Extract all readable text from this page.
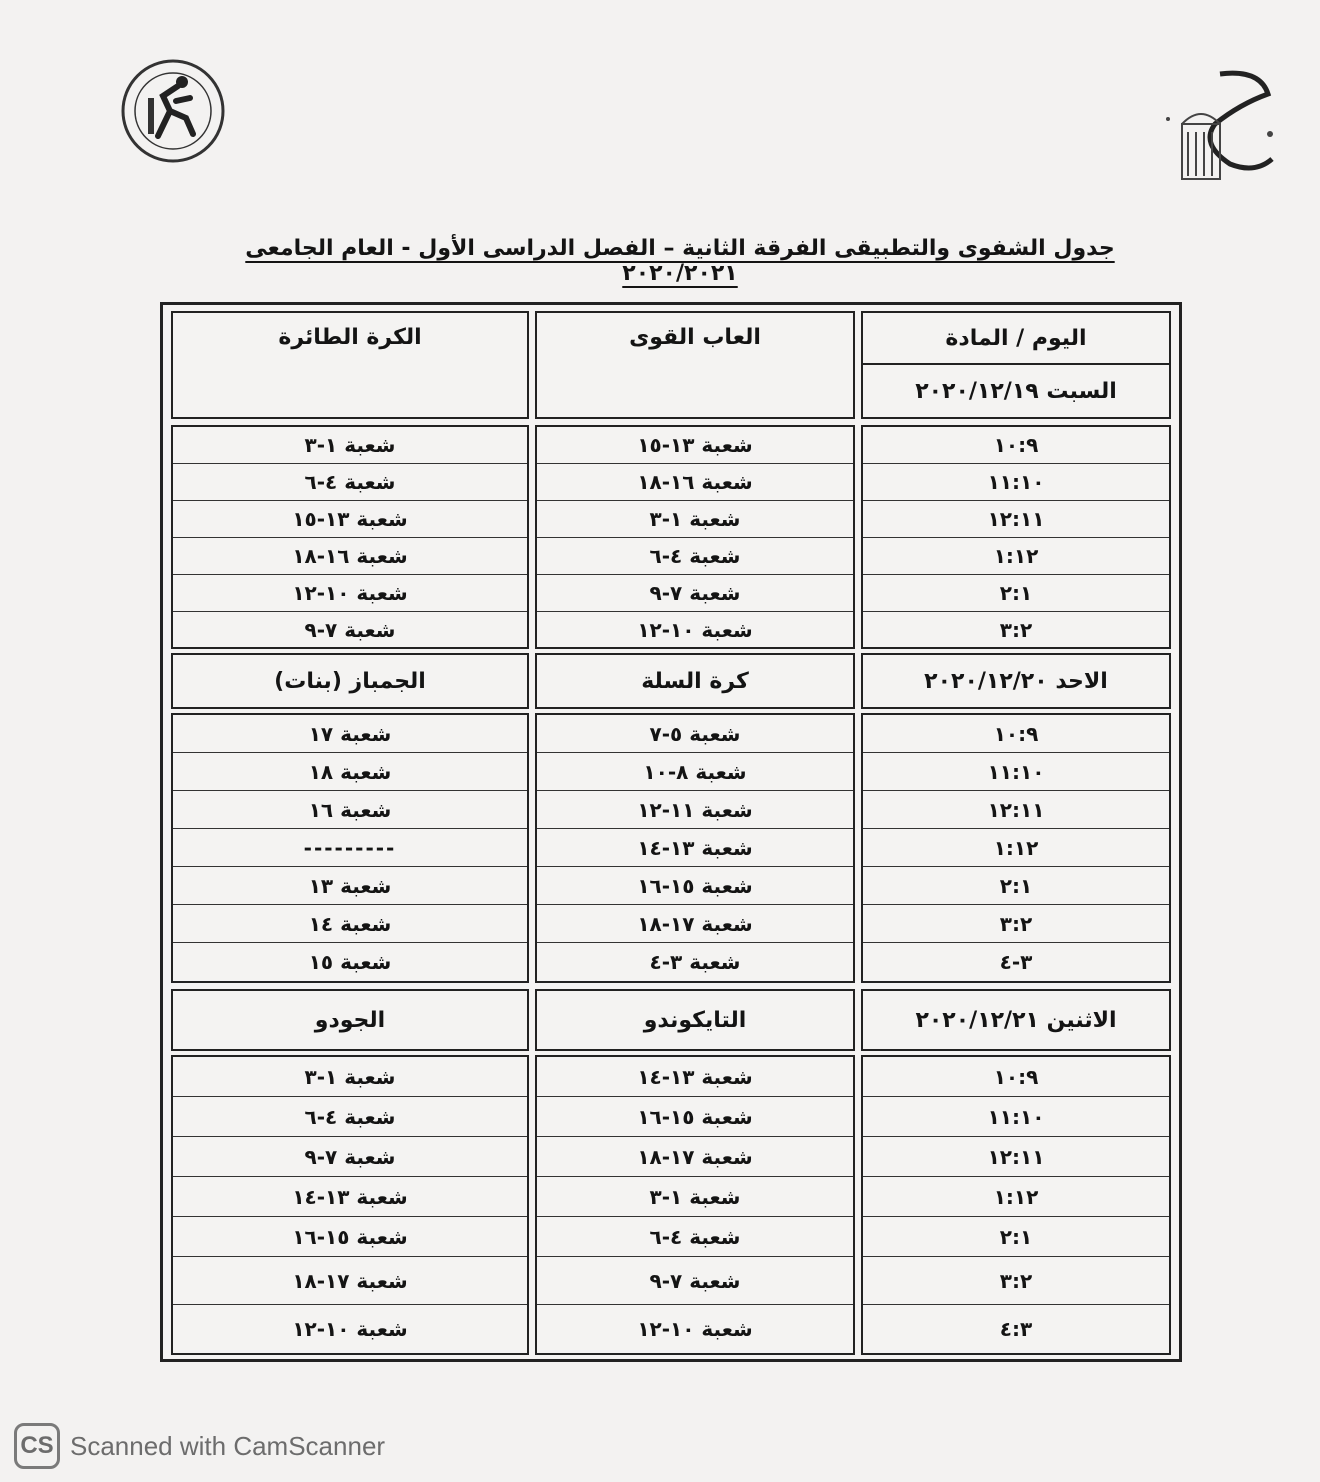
جدول الشفوى والتطبيقى الفرقة الثانية – الفصل الدراسى الأول - العام الجامعى ٢٠٢٠/٢٠٢١
اليوم / المادة
السبت ٢٠٢٠/١٢/١٩
العاب القوى
الكرة الطائرة
١٠:٩
١١:١٠
١٢:١١
١:١٢
٢:١
٣:٢
شعبة ١٣-١٥
شعبة ١٦-١٨
شعبة ١-٣
شعبة ٤-٦
شعبة ٧-٩
شعبة ١٠-١٢
شعبة ١-٣
شعبة ٤-٦
شعبة ١٣-١٥
شعبة ١٦-١٨
شعبة ١٠-١٢
شعبة ٧-٩
الاحد ٢٠٢٠/١٢/٢٠
كرة السلة
الجمباز (بنات)
١٠:٩
١١:١٠
١٢:١١
١:١٢
٢:١
٣:٢
٣-٤
شعبة ٥-٧
شعبة ٨-١٠
شعبة ١١-١٢
شعبة ١٣-١٤
شعبة ١٥-١٦
شعبة ١٧-١٨
شعبة ٣-٤
شعبة ١٧
شعبة ١٨
شعبة ١٦
---------
شعبة ١٣
شعبة ١٤
شعبة ١٥
الاثنين ٢٠٢٠/١٢/٢١
التايكوندو
الجودو
١٠:٩
١١:١٠
١٢:١١
١:١٢
٢:١
٣:٢
٤:٣
شعبة ١٣-١٤
شعبة ١٥-١٦
شعبة ١٧-١٨
شعبة ١-٣
شعبة ٤-٦
شعبة ٧-٩
شعبة ١٠-١٢
شعبة ١-٣
شعبة ٤-٦
شعبة ٧-٩
شعبة ١٣-١٤
شعبة ١٥-١٦
شعبة ١٧-١٨
شعبة ١٠-١٢
CS Scanned with CamScanner
